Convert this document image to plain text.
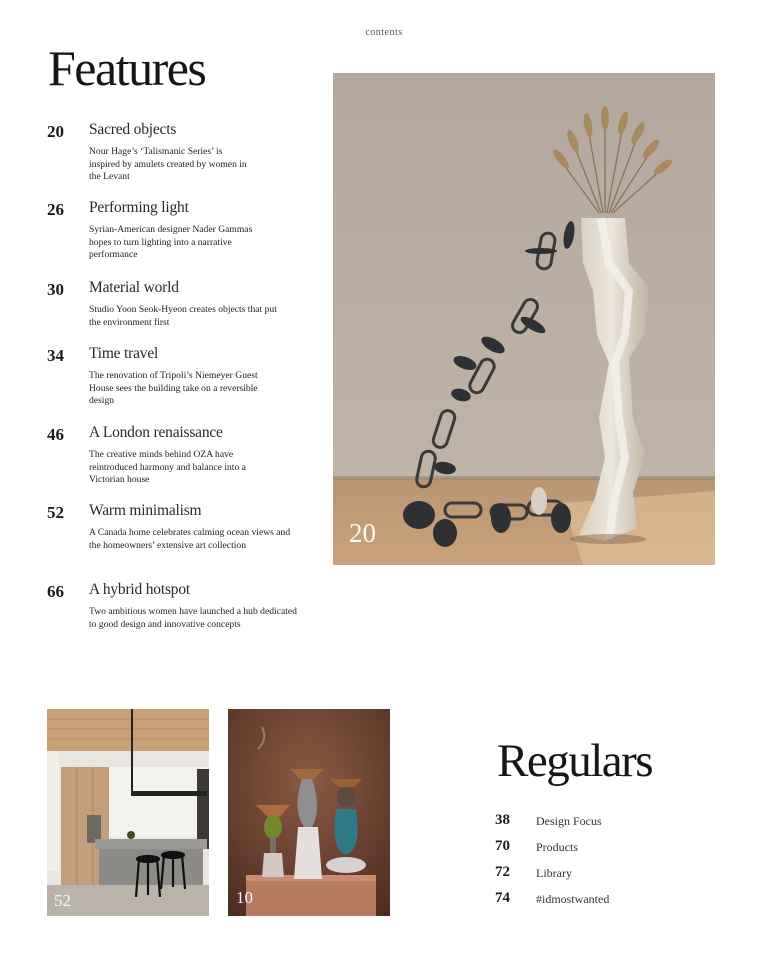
contents
Features
20	Sacred objects
Nour Hage’s ‘Talismanic Series’ is inspired by amulets created by women in the Levant
26	Performing light
Syrian-American designer Nader Gammas hopes to turn lighting into a narrative performance
30	Material world
Studio Yoon Seok-Hyeon creates objects that put the environment first
34	Time travel
The renovation of Tripoli’s Niemeyer Guest House sees the building take on a reversible design
46	A London renaissance
The creative minds behind OZA have reintroduced harmony and balance into a Victorian house
52	Warm minimalism
A Canada home celebrates calming ocean views and the homeowners’ extensive art collection
66	A hybrid hotspot
Two ambitious women have launched a hub dedicated to good design and innovative concepts
20
52	10
Regulars
38 Design Focus
70 Products
72 Library
74 #idmostwanted
